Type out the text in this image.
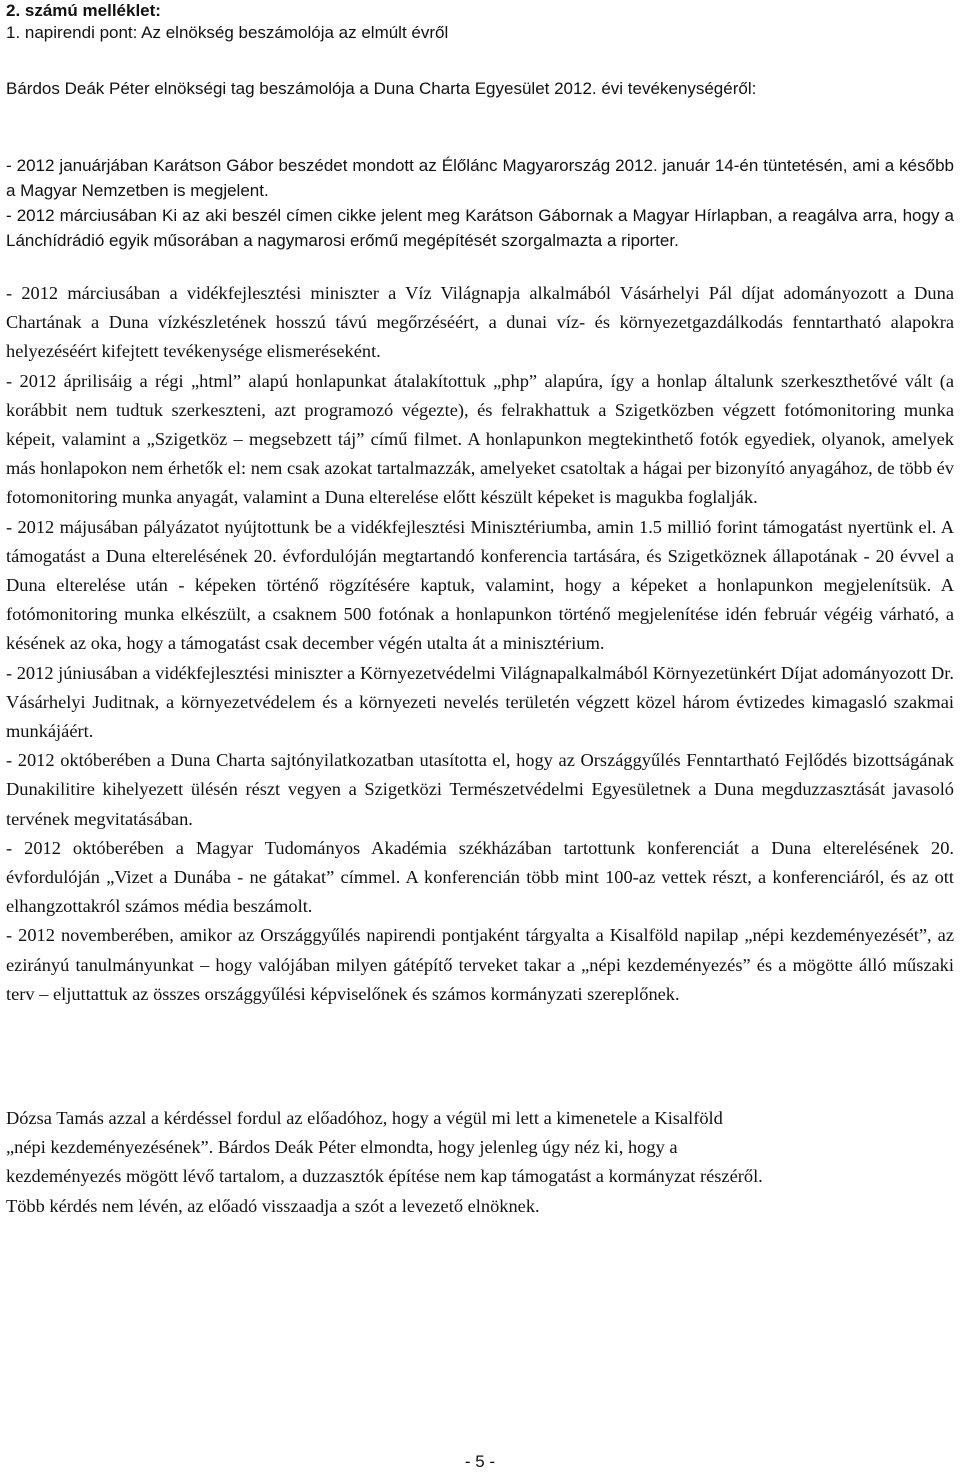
2. számú melléklet:
1. napirendi pont: Az elnökség beszámolója az elmúlt évről
Bárdos Deák Péter elnökségi tag beszámolója a Duna Charta Egyesület 2012. évi tevékenységéről:

- 2012 januárjában Karátson Gábor beszédet mondott az Élőlánc Magyarország 2012. január 14-én tüntetésén, ami a később a Magyar Nemzetben is megjelent.

- 2012 márciusában Ki az aki beszél címen cikke jelent meg Karátson Gábornak a Magyar Hírlapban, a reagálva arra, hogy a Lánchídrádió egyik műsorában a nagymarosi erőmű megépítését szorgalmazta a riporter.

- 2012 márciusában a vidékfejlesztési miniszter a Víz Világnapja alkalmából Vásárhelyi Pál díjat adományozott a Duna Chartának a Duna vízkészletének hosszú távú megőrzéséért, a dunai víz- és környezetgazdálkodás fenntartható alapokra helyezéséért kifejtett tevékenysége elismeréseként.

- 2012 áprilisáig a régi „html” alapú honlapunkat átalakítottuk „php” alapúra, így a honlap általunk szerkeszthetővé vált (a korábbit nem tudtuk szerkeszteni, azt programozó végezte), és felrakhattuk a Szigetközben végzett fotómonitoring munka képeit, valamint a „Szigetköz – megsebzett táj” című filmet. A honlapunkon megtekinthető fotók egyediek, olyanok, amelyek más honlapokon nem érhetők el: nem csak azokat tartalmazzák, amelyeket csatoltak a hágai per bizonyító anyagához, de több év fotomonitoring munka anyagát, valamint a Duna elterelése előtt készült képeket is magukba foglalják.

- 2012 májusában pályázatot nyújtottunk be a vidékfejlesztési Minisztériumba, amin 1.5 millió forint támogatást nyertünk el. A támogatást a Duna elterelésének 20. évfordulóján megtartandó konferencia tartására, és Szigetköznek állapotának - 20 évvel a Duna elterelése után - képeken történő rögzítésére kaptuk, valamint, hogy a képeket a honlapunkon megjelenítsük. A fotómonitoring munka elkészült, a csaknem 500 fotónak a honlapunkon történő megjelenítése idén február végéig várható, a késének az oka, hogy a támogatást csak december végén utalta át a minisztérium.

- 2012 júniusában a vidékfejlesztési miniszter a Környezetvédelmi Világnapalkalmából Környezetünkért Díjat adományozott Dr. Vásárhelyi Juditnak, a környezetvédelem és a környezeti nevelés területén végzett közel három évtizedes kimagasló szakmai munkájáért.

- 2012 októberében a Duna Charta sajtónyilatkozatban utasította el, hogy az Országgyűlés Fenntartható Fejlődés bizottságának Dunakilitire kihelyezett ülésén részt vegyen a Szigetközi Természetvédelmi Egyesületnek a Duna megduzzasztását javasoló tervének megvitatásában.

- 2012 októberében a Magyar Tudományos Akadémia székházában tartottunk konferenciát a Duna elterelésének 20. évfordulóján „Vizet a Dunába - ne gátakat” címmel. A konferencián több mint 100-az vettek részt, a konferenciáról, és az ott elhangzottakról számos média beszámolt.

- 2012 novemberében, amikor az Országgyűlés napirendi pontjaként tárgyalta a Kisalföld napilap „népi kezdeményezését”, az ezirányú tanulmányunkat – hogy valójában milyen gátépítő terveket takar a „népi kezdeményezés” és a mögötte álló műszaki terv – eljuttattuk az összes országgyűlési képviselőnek és számos kormányzati szereplőnek.

Dózsa Tamás azzal a kérdéssel fordul az előadóhoz, hogy a végül mi lett a kimenetele a Kisalföld

„népi kezdeményezésének”. Bárdos Deák Péter elmondta, hogy jelenleg úgy néz ki, hogy a

kezdeményezés mögött lévő tartalom, a duzzasztók építése nem kap támogatást a kormányzat részéről.

Több kérdés nem lévén, az előadó visszaadja a szót a levezető elnöknek.

- 5 -
